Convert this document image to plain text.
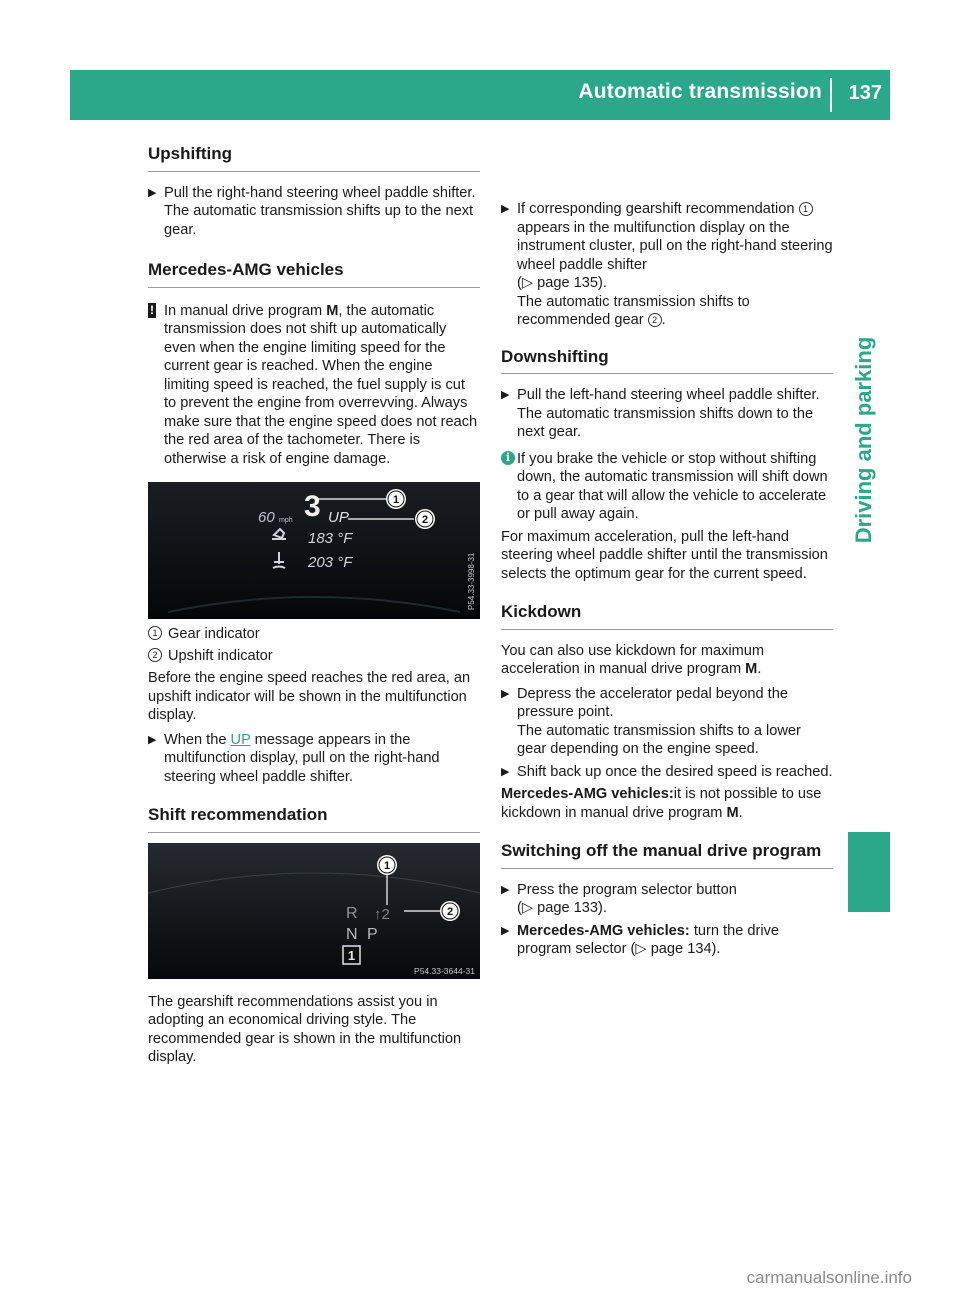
Automatic transmission 137
Driving and parking
Upshifting
▶ Pull the right-hand steering wheel paddle shifter.

The automatic transmission shifts up to the next gear.

Mercedes-AMG vehicles
! In manual drive program M, the automatic transmission does not shift up automatically even when the engine limiting speed for the current gear is reached. When the engine limiting speed is reached, the fuel supply is cut to prevent the engine from overrevving. Always make sure that the engine speed does not reach the red area of the tachometer. There is otherwise a risk of engine damage.

60 mph 3 UP
183 °F
203 °F
1
2
P54.33-3998-31
1 Gear indicator
2 Upshift indicator

Before the engine speed reaches the red area, an upshift indicator will be shown in the multifunction display.

▶ When the UP message appears in the multifunction display, pull on the right-hand steering wheel paddle shifter.

Shift recommendation
R
N P
1
↑2
1
2
P54.33-3644-31

The gearshift recommendations assist you in adopting an economical driving style. The recommended gear is shown in the multifunction display.

▶ If corresponding gearshift recommendation 1 appears in the multifunction display on the instrument cluster, pull on the right-hand steering wheel paddle shifter

(▷ page 135).

The automatic transmission shifts to recommended gear 2 .

Downshifting
▶ Pull the left-hand steering wheel paddle shifter.

The automatic transmission shifts down to the next gear.

i If you brake the vehicle or stop without shifting down, the automatic transmission will shift down to a gear that will allow the vehicle to accelerate or pull away again.

For maximum acceleration, pull the left-hand steering wheel paddle shifter until the transmission selects the optimum gear for the current speed.

Kickdown

You can also use kickdown for maximum acceleration in manual drive program M.

▶ Depress the accelerator pedal beyond the pressure point.

The automatic transmission shifts to a lower gear depending on the engine speed.

▶ Shift back up once the desired speed is reached.

Mercedes-AMG vehicles:it is not possible to use kickdown in manual drive program M.

Switching off the manual drive program
▶ Press the program selector button

(▷ page 133).

▶ Mercedes-AMG vehicles: turn the drive program selector (▷ page 134).

carmanualsonline.info
